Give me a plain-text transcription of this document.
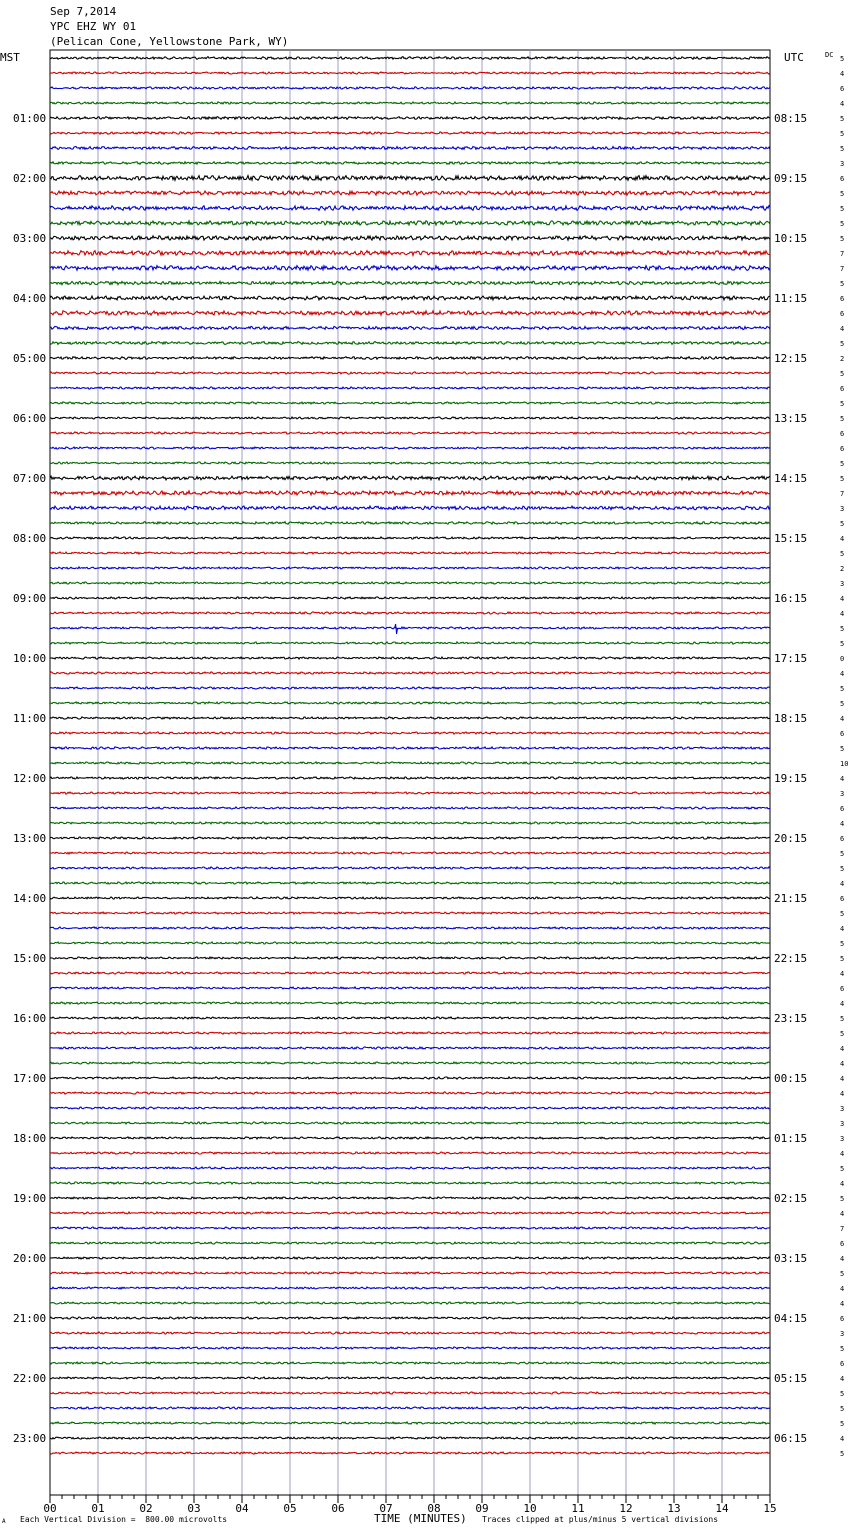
Sep 7,2014
YPC EHZ WY 01
(Pelican Cone, Yellowstone Park, WY)
MST	UTC	DC
01:00
02:00
03:00
04:00
05:00
06:00
07:00
08:00
09:00
10:00
11:00
12:00
13:00
14:00
15:00
16:00
17:00
18:00
19:00
20:00
21:00
22:00
23:00
08:15
09:15
10:15
11:15
12:15
13:15
14:15
15:15
16:15
17:15
18:15
19:15
20:15
21:15
22:15
23:15
00:15
01:15
02:15
03:15
04:15
05:15
06:15
5
4
6
4
5
5
5
3
6
5
5
5
5
7
7
5
6
6
4
5
2
5
6
5
5
6
6
5
5
7
3
5
4
5
2
3
4
4
5
5
0
4
5
5
4
6
5
10
4
3
6
4
6
5
5
4
6
5
4
5
5
4
6
4
5
5
4
4
4
4
3
3
3
4
5
4
5
4
7
6
4
5
4
4
6
3
5
6
4
5
5
5
4
5
00	01	02	03	04	05	06	07	08	09	10	11	12	13	14	15
A Each Vertical Division =  800.00 microvolts	TIME (MINUTES) Traces clipped at plus/minus 5 vertical divisions
